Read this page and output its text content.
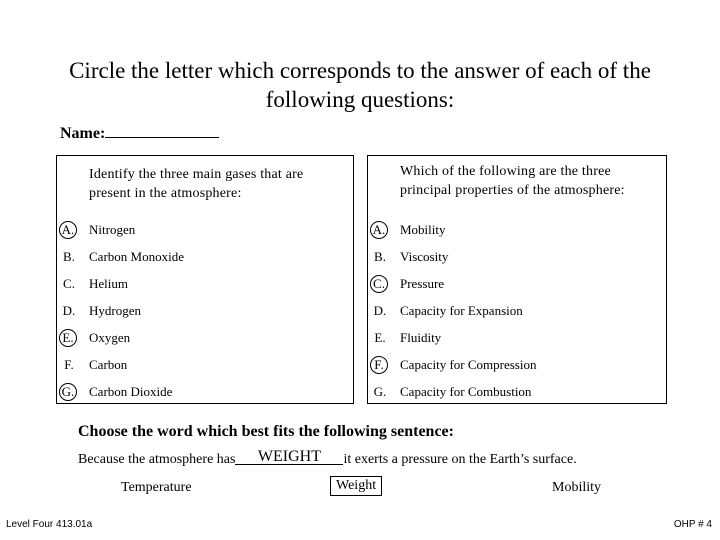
Circle the letter which corresponds to the answer of each of the following questions:
Name:
Identify the three main gases that are present in the atmosphere:
A. Nitrogen
B. Carbon Monoxide
C. Helium
D. Hydrogen
E. Oxygen
F. Carbon
G. Carbon Dioxide
Which of the following are the three principal properties of the atmosphere:
A. Mobility
B. Viscosity
C. Pressure
D. Capacity for Expansion
E. Fluidity
F.	Capacity for Compression
G. Capacity for Combustion
Choose the word which best fits the following sentence:
Because the atmosphere has WEIGHT it exerts a pressure on the Earth’s surface.
Temperature	Weight	Mobility
Level Four 413.01a	OHP # 4
